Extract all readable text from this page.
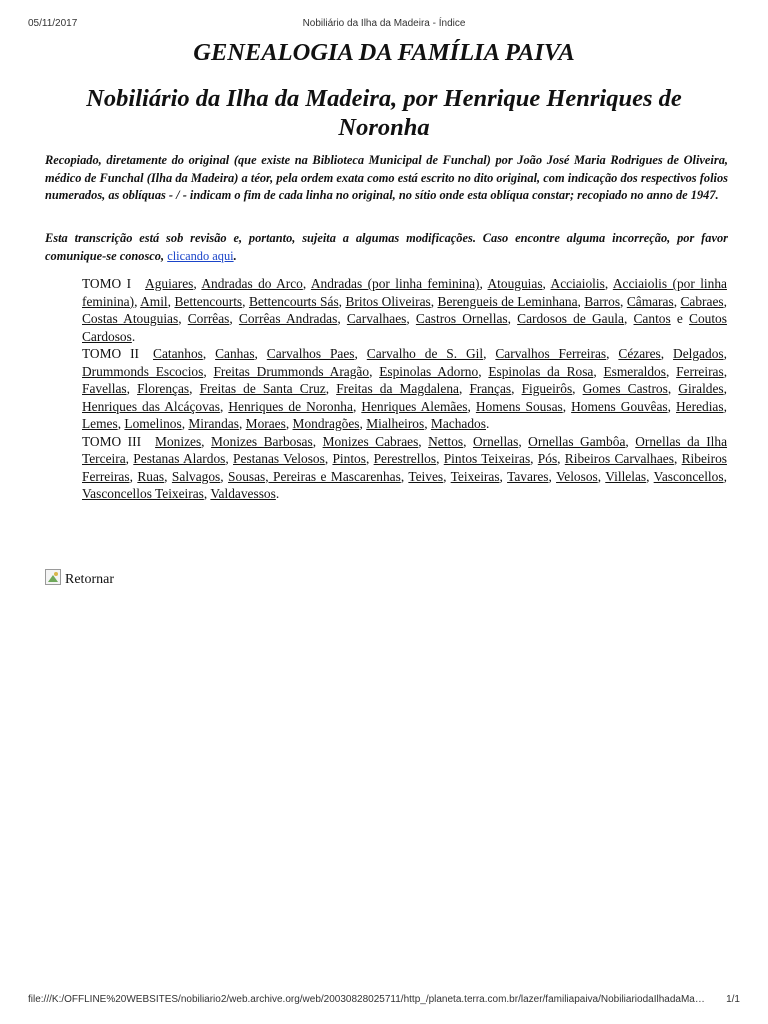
05/11/2017	Nobiliário da Ilha da Madeira - Índice
GENEALOGIA DA FAMÍLIA PAIVA
Nobiliário da Ilha da Madeira, por Henrique Henriques de Noronha

Recopiado, diretamente do original (que existe na Biblioteca Municipal de Funchal) por João José Maria Rodrigues de Oliveira, médico de Funchal (Ilha da Madeira) a téor, pela ordem exata como está escrito no dito original, com indicação dos respectivos folios numerados, as oblíquas - / - indicam o fim de cada linha no original, no sítio onde esta oblíqua constar; recopiado no anno de 1947.

Esta transcrição está sob revisão e, portanto, sujeita a algumas modificações. Caso encontre alguma incorreção, por favor comunique-se conosco, clicando aqui.

TOMO I Aguiares, Andradas do Arco, Andradas (por linha feminina), Atouguias, Acciaiolis, Acciaiolis (por linha feminina), Amil, Bettencourts, Bettencourts Sás, Britos Oliveiras, Berengueis de Leminhana, Barros, Câmaras, Cabraes, Costas Atouguias, Corrêas, Corrêas Andradas, Carvalhaes, Castros Ornellas, Cardosos de Gaula, Cantos e Coutos Cardosos.

TOMO II Catanhos, Canhas, Carvalhos Paes, Carvalho de S. Gil, Carvalhos Ferreiras, Cézares, Delgados, Drummonds Escocios, Freitas Drummonds Aragão, Espinolas Adorno, Espinolas da Rosa, Esmeraldos, Ferreiras, Favellas, Florenças, Freitas de Santa Cruz, Freitas da Magdalena, Franças, Figueirôs, Gomes Castros, Giraldes, Henriques das Alcáçovas, Henriques de Noronha, Henriques Alemães, Homens Sousas, Homens Gouvêas, Heredias, Lemes, Lomelinos, Mirandas, Moraes, Mondragões, Mialheiros, Machados.

TOMO III Monizes, Monizes Barbosas, Monizes Cabraes, Nettos, Ornellas, Ornellas Gambôa, Ornellas da Ilha Terceira, Pestanas Alardos, Pestanas Velosos, Pintos, Perestrellos, Pintos Teixeiras, Pós, Ribeiros Carvalhaes, Ribeiros Ferreiras, Ruas, Salvagos, Sousas, Pereiras e Mascarenhas, Teives, Teixeiras, Tavares, Velosos, Villelas, Vasconcellos, Vasconcellos Teixeiras, Valdavessos.

Retornar
file:///K:/OFFLINE%20WEBSITES/nobiliario2/web.archive.org/web/20030828025711/http_/planeta.terra.com.br/lazer/familiapaiva/NobiliariodaIlhadaMa… 1/1
